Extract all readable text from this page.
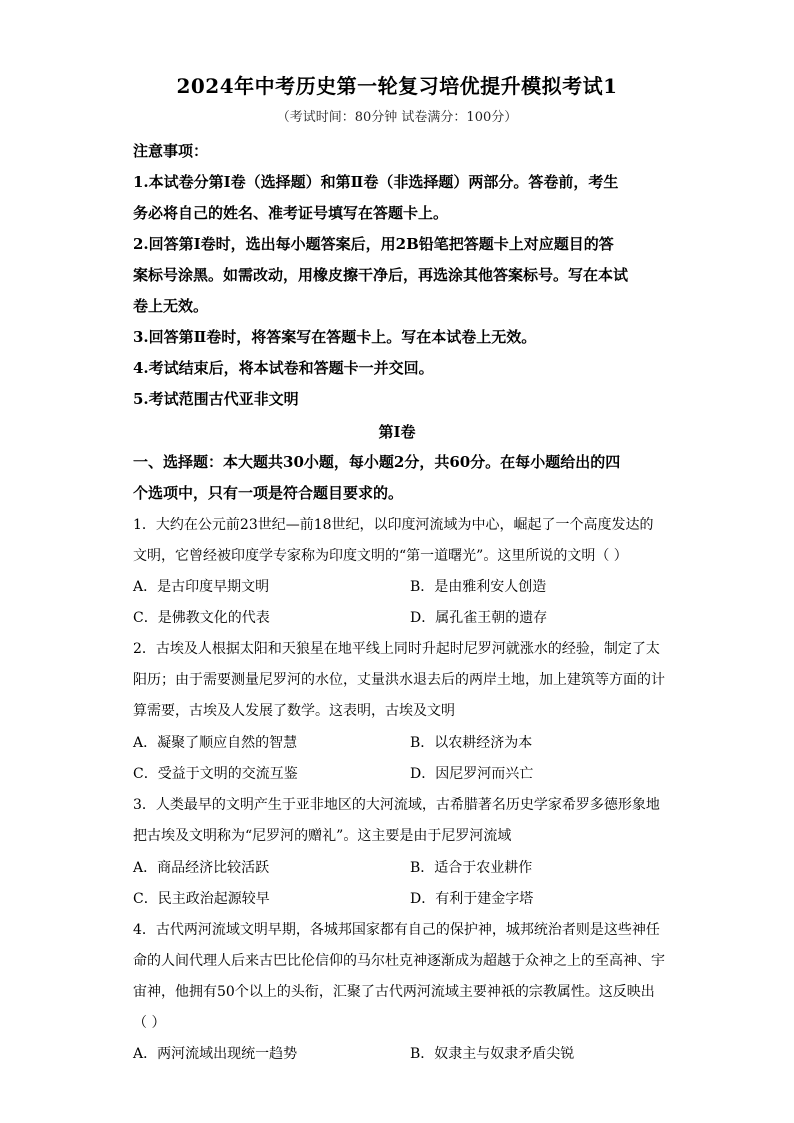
2024年中考历史第一轮复习培优提升模拟考试1
（考试时间：80分钟 试卷满分：100分）
注意事项：
1.本试卷分第Ⅰ卷（选择题）和第Ⅱ卷（非选择题）两部分。答卷前，考生
务必将自己的姓名、准考证号填写在答题卡上。
2.回答第Ⅰ卷时，选出每小题答案后，用2B铅笔把答题卡上对应题目的答
案标号涂黑。如需改动，用橡皮擦干净后，再选涂其他答案标号。写在本试
卷上无效。
3.回答第Ⅱ卷时，将答案写在答题卡上。写在本试卷上无效。
4.考试结束后，将本试卷和答题卡一并交回。
5.考试范围古代亚非文明
第Ⅰ卷
一、选择题：本大题共30小题，每小题2分，共60分。在每小题给出的四
个选项中，只有一项是符合题目要求的。
1．大约在公元前23世纪—前18世纪，以印度河流域为中心，崛起了一个高度发达的
文明，它曾经被印度学专家称为印度文明的“第一道曙光”。这里所说的文明（ ）
A．是古印度早期文明	B．是由雅利安人创造
C．是佛教文化的代表	D．属孔雀王朝的遗存
2．古埃及人根据太阳和天狼星在地平线上同时升起时尼罗河就涨水的经验，制定了太
阳历；由于需要测量尼罗河的水位，丈量洪水退去后的两岸土地，加上建筑等方面的计
算需要，古埃及人发展了数学。这表明，古埃及文明
A．凝聚了顺应自然的智慧	B．以农耕经济为本
C．受益于文明的交流互鉴	D．因尼罗河而兴亡
3．人类最早的文明产生于亚非地区的大河流域，古希腊著名历史学家希罗多德形象地
把古埃及文明称为“尼罗河的赠礼”。这主要是由于尼罗河流域
A．商品经济比较活跃	B．适合于农业耕作
C．民主政治起源较早	D．有利于建金字塔
4．古代两河流域文明早期，各城邦国家都有自己的保护神，城邦统治者则是这些神任
命的人间代理人后来古巴比伦信仰的马尔杜克神逐渐成为超越于众神之上的至高神、宇
宙神，他拥有50个以上的头衔，汇聚了古代两河流域主要神祇的宗教属性。这反映出
（ ）
A．两河流域出现统一趋势	B．奴隶主与奴隶矛盾尖锐
